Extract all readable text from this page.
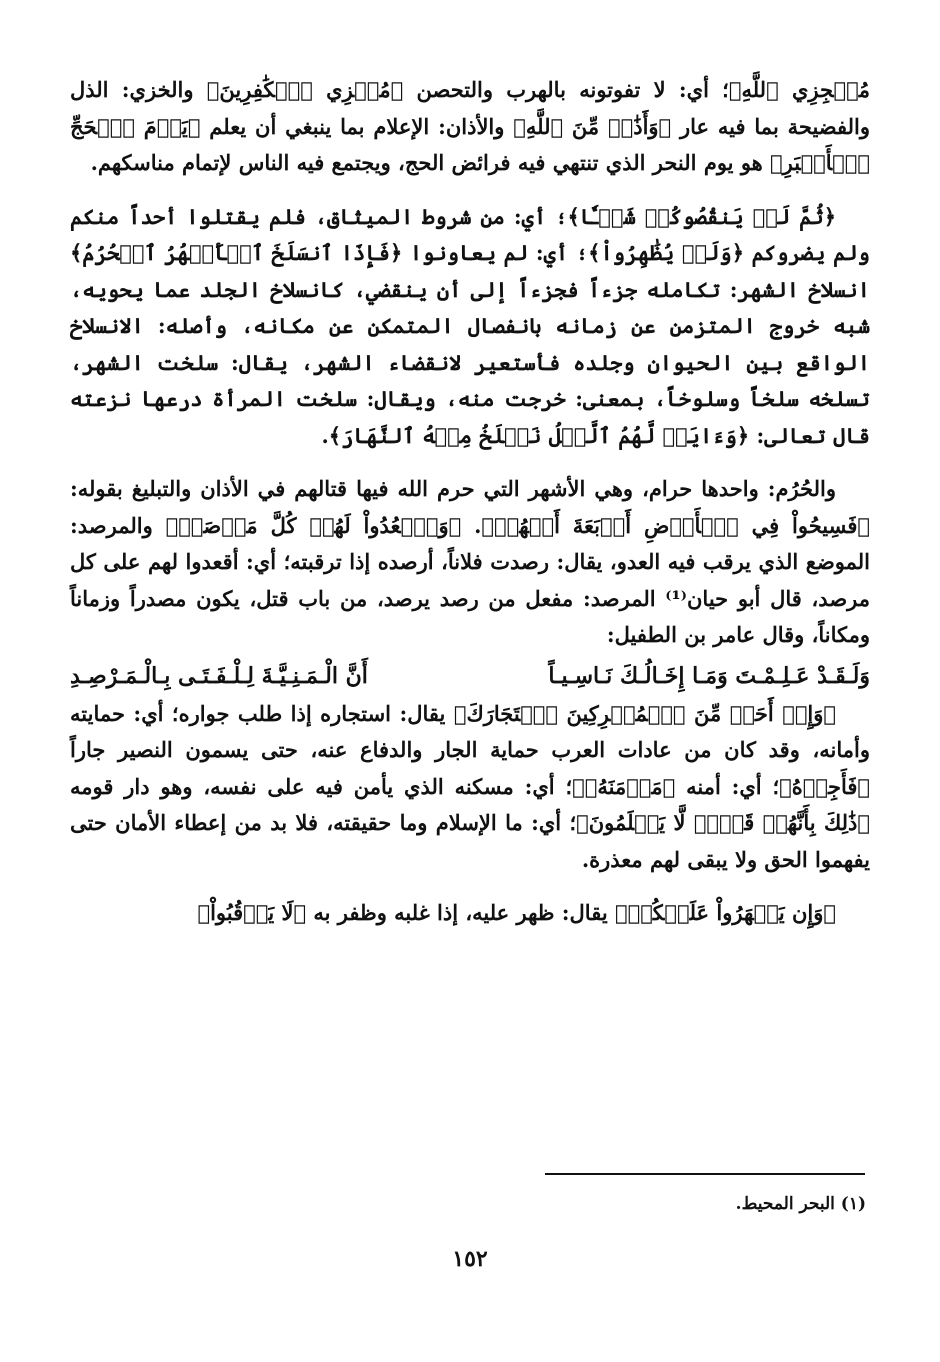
مُعۡجِزِي ٱللَّهِ﴾؛ أي: لا تفوتونه بالهرب والتحصن ﴿مُخۡزِي ٱلۡكَٰفِرِينَ﴾ والخزي: الذل والفضيحة بما فيه عار ﴿وَأَذَٰنٞ مِّنَ ٱللَّهِ﴾ والأذان: الإعلام بما ينبغي أن يعلم ﴿يَوۡمَ ٱلۡحَجِّ ٱلۡأَكۡبَرِ﴾ هو يوم النحر الذي تنتهي فيه فرائض الحج، ويجتمع فيه الناس لإتمام مناسكهم.

﴿ثُمَّ لَمۡ يَنقُصُوكُمۡ شَيۡـٔٗا﴾؛ أي: من شروط الميثاق، فلم يقتلوا أحداً منكم ولم يضروكم ﴿وَلَمۡ يُظَٰهِرُواْ﴾؛ أي: لم يعاونوا ﴿فَإِذَا ٱنسَلَخَ ٱلۡأَشۡهُرُ ٱلۡحُرُمُ﴾ انسلاخ الشهر: تكامله جزءاً فجزءاً إلى أن ينقضي، كانسلاخ الجلد عما يحويه، شبه خروج المتزمن عن زمانه بانفصال المتمكن عن مكانه، وأصله: الانسلاخ الواقع بين الحيوان وجلده فأستعير لانقضاء الشهر، يقال: سلخت الشهر، تسلخه سلخاً وسلوخاً، بمعنى: خرجت منه، ويقال: سلخت المرأة درعها نزعته قال تعالى: ﴿وَءَايَةٞ لَّهُمُ ٱلَّيۡلُ نَسۡلَخُ مِنۡهُ ٱلنَّهَارَ﴾.

والحُرُم: واحدها حرام، وهي الأشهر التي حرم الله فيها قتالهم في الأذان والتبليغ بقوله: ﴿فَسِيحُواْ فِي ٱلۡأَرۡضِ أَرۡبَعَةَ أَشۡهُرٖ﴾. ﴿وَٱقۡعُدُواْ لَهُمۡ كُلَّ مَرۡصَدٖ﴾ والمرصد: الموضع الذي يرقب فيه العدو، يقال: رصدت فلاناً، أرصده إذا ترقبته؛ أي: أقعدوا لهم على كل مرصد، قال أبو حيان⁽¹⁾ المرصد: مفعل من رصد يرصد، من باب قتل، يكون مصدراً وزماناً ومكاناً، وقال عامر بن الطفيل:

وَلَـقَـدْ عَـلِـمْـتَ وَمَـا إِخَـالُـكَ نَـاسِـيـاً
أَنَّ الْـمَـنِـيَّـةَ لِـلْـفَـتَـى بِـالْـمَـرْصِـدِ

﴿وَإِنۡ أَحَدٞ مِّنَ ٱلۡمُشۡرِكِينَ ٱسۡتَجَارَكَ﴾ يقال: استجاره إذا طلب جواره؛ أي: حمايته وأمانه، وقد كان من عادات العرب حماية الجار والدفاع عنه، حتى يسمون النصير جاراً ﴿فَأَجِرۡهُ﴾؛ أي: أمنه ﴿مَأۡمَنَهُۥ﴾؛ أي: مسكنه الذي يأمن فيه على نفسه، وهو دار قومه ﴿ذَٰلِكَ بِأَنَّهُمۡ قَوۡمٞ لَّا يَعۡلَمُونَ﴾؛ أي: ما الإسلام وما حقيقته، فلا بد من إعطاء الأمان حتى يفهموا الحق ولا يبقى لهم معذرة.

﴿وَإِن يَظۡهَرُواْ عَلَيۡكُمۡ﴾ يقال: ظهر عليه، إذا غلبه وظفر به ﴿لَا يَرۡقُبُواْ﴾

(١) البحر المحيط.
١٥٢
